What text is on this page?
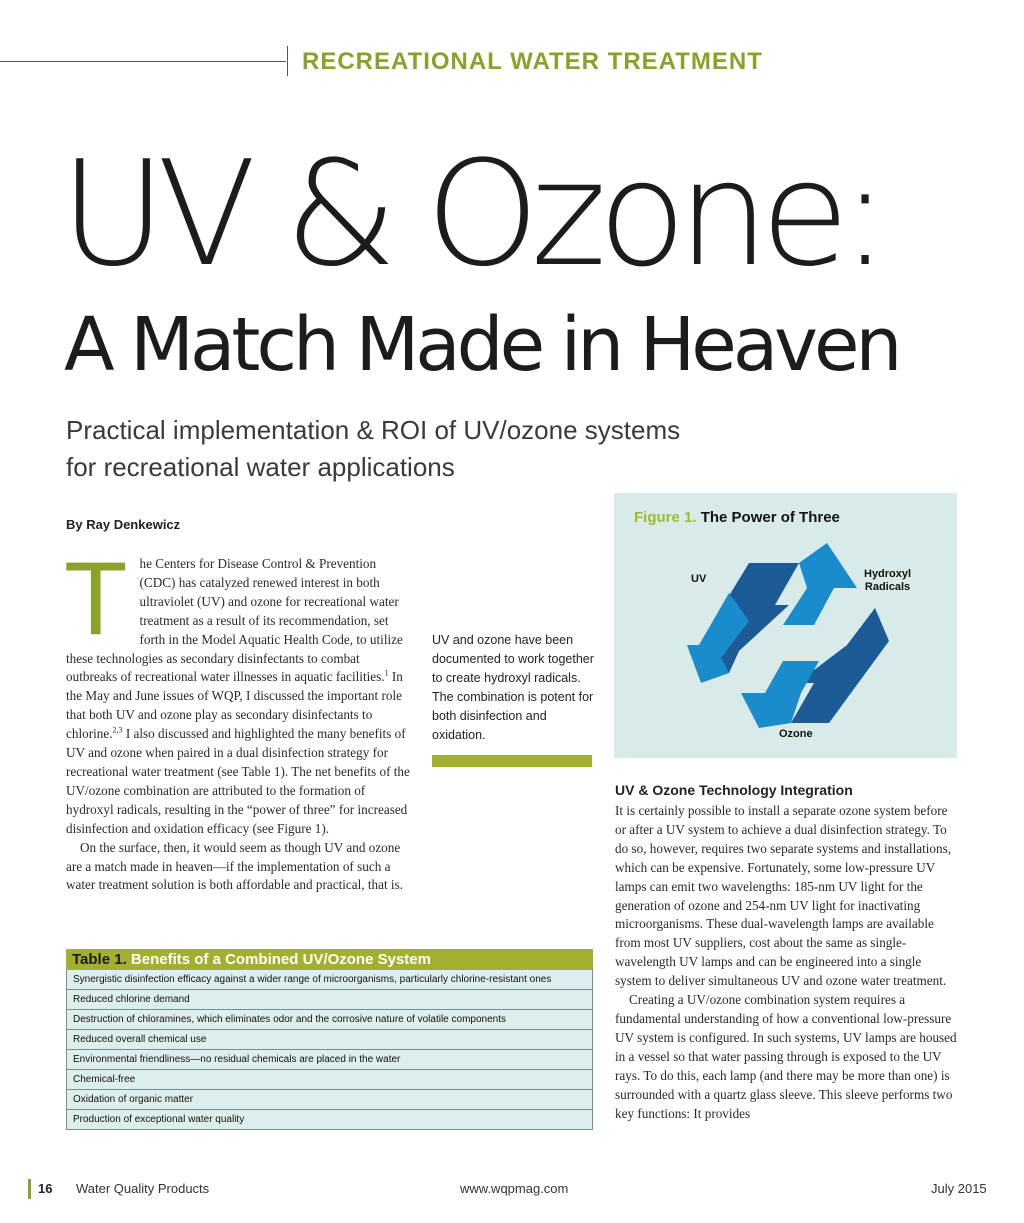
RECREATIONAL WATER TREATMENT
UV & Ozone:
A Match Made in Heaven
Practical implementation & ROI of UV/ozone systems
for recreational water applications
By Ray Denkewicz

The Centers for Disease Control & Prevention (CDC) has catalyzed renewed interest in both ultraviolet (UV) and ozone for recreational water treatment as a result of its recommendation, set forth in the Model Aquatic Health Code, to utilize these technologies as secondary disinfectants to combat outbreaks of recreational water illnesses in aquatic facilities.$^1$ In the May and June issues of WQP, I discussed the important role that both UV and ozone play as secondary disinfectants to chlorine.$^{2,3}$ I also discussed and highlighted the many benefits of UV and ozone when paired in a dual disinfection strategy for recreational water treatment (see Table 1). The net benefits of the UV/ozone combination are attributed to the formation of hydroxyl radicals, resulting in the “power of three” for increased disinfection and oxidation efficacy (see Figure 1).

On the surface, then, it would seem as though UV and ozone are a match made in heaven—if the implementation of such a water treatment solution is both affordable and practical, that is.

UV and ozone have been documented to work together to create hydroxyl radicals. The combination is potent for both disinfection and oxidation.
Figure 1. The Power of Three
UV	Hydroxyl
Radicals
Ozone
UV & Ozone Technology Integration

It is certainly possible to install a separate ozone system before or after a UV system to achieve a dual disinfection strategy. To do so, however, requires two separate systems and installations, which can be expensive. Fortunately, some low-pressure UV lamps can emit two wavelengths: 185-nm UV light for the generation of ozone and 254-nm UV light for inactivating microorganisms. These dual-wavelength lamps are available from most UV suppliers, cost about the same as single-wavelength UV lamps and can be engineered into a single system to deliver simultaneous UV and ozone water treatment.

Creating a UV/ozone combination system requires a fundamental understanding of how a conventional low-pressure UV system is configured. In such systems, UV lamps are housed in a vessel so that water passing through is exposed to the UV rays. To do this, each lamp (and there may be more than one) is surrounded with a quartz glass sleeve. This sleeve performs two key functions: It provides

Table 1. Benefits of a Combined UV/Ozone System
Synergistic disinfection efficacy against a wider range of microorganisms, particularly chlorine-resistant ones
Reduced chlorine demand
Destruction of chloramines, which eliminates odor and the corrosive nature of volatile components
Reduced overall chemical use
Environmental friendliness—no residual chemicals are placed in the water
Chemical-free
Oxidation of organic matter
Production of exceptional water quality
16 Water Quality Products	www.wqpmag.com	July 2015
